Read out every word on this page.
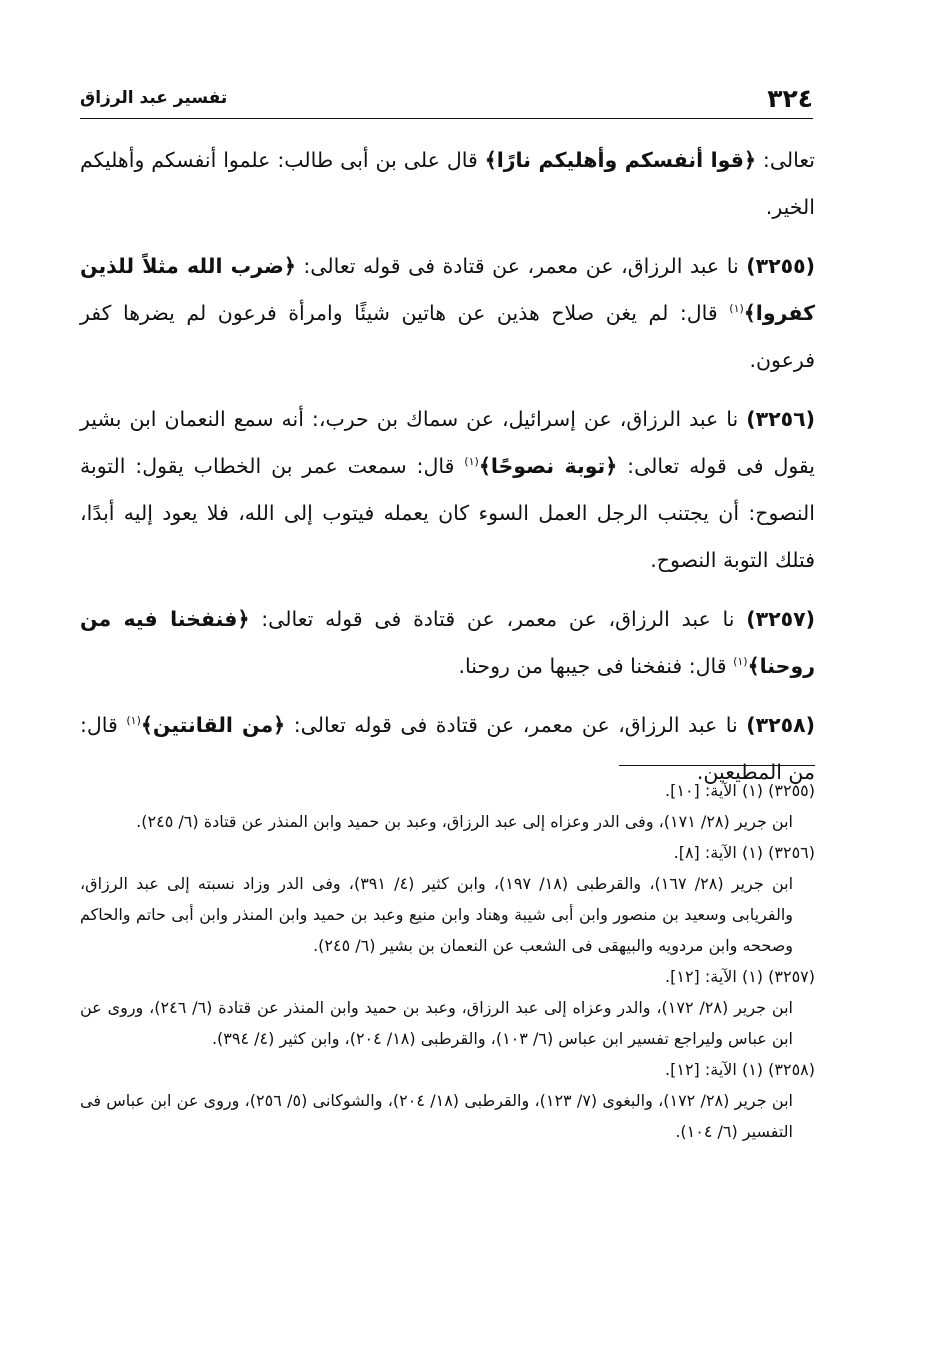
تفسير عبد الرزاق	٣٢٤

تعالى: ﴿قوا أنفسكم وأهليكم نارًا﴾ قال على بن أبى طالب: علموا أنفسكم وأهليكم الخير.

(٣٢٥٥) نا عبد الرزاق، عن معمر، عن قتادة فى قوله تعالى: ﴿ضرب الله مثلاً للذين كفروا﴾$^{(١)}$ قال: لم يغن صلاح هذين عن هاتين شيئًا وامرأة فرعون لم يضرها كفر فرعون.

(٣٢٥٦) نا عبد الرزاق، عن إسرائيل، عن سماك بن حرب،: أنه سمع النعمان ابن بشير يقول فى قوله تعالى: ﴿توبة نصوحًا﴾$^{(١)}$ قال: سمعت عمر بن الخطاب يقول: التوبة النصوح: أن يجتنب الرجل العمل السوء كان يعمله فيتوب إلى الله، فلا يعود إليه أبدًا، فتلك التوبة النصوح.

(٣٢٥٧) نا عبد الرزاق، عن معمر، عن قتادة فى قوله تعالى: ﴿فنفخنا فيه من روحنا﴾$^{(١)}$ قال: فنفخنا فى جيبها من روحنا.

(٣٢٥٨) نا عبد الرزاق، عن معمر، عن قتادة فى قوله تعالى: ﴿من القانتين﴾$^{(١)}$ قال: من المطيعين.

(٣٢٥٥) (١) الآية: [١٠].

ابن جرير (٢٨/ ١٧١)، وفى الدر وعزاه إلى عبد الرزاق، وعبد بن حميد وابن المنذر عن قتادة (٦/ ٢٤٥).

(٣٢٥٦) (١) الآية: [٨].

ابن جرير (٢٨/ ١٦٧)، والقرطبى (١٨/ ١٩٧)، وابن كثير (٤/ ٣٩١)، وفى الدر وزاد نسبته إلى عبد الرزاق، والفريابى وسعيد بن منصور وابن أبى شيبة وهناد وابن منيع وعبد بن حميد وابن المنذر وابن أبى حاتم والحاكم وصححه وابن مردويه والبيهقى فى الشعب عن النعمان بن بشير (٦/ ٢٤٥).

(٣٢٥٧) (١) الآية: [١٢].

ابن جرير (٢٨/ ١٧٢)، والدر وعزاه إلى عبد الرزاق، وعبد بن حميد وابن المنذر عن قتادة (٦/ ٢٤٦)، وروى عن ابن عباس وليراجع تفسير ابن عباس (٦/ ١٠٣)، والقرطبى (١٨/ ٢٠٤)، وابن كثير (٤/ ٣٩٤).

(٣٢٥٨) (١) الآية: [١٢].

ابن جرير (٢٨/ ١٧٢)، والبغوى (٧/ ١٢٣)، والقرطبى (١٨/ ٢٠٤)، والشوكانى (٥/ ٢٥٦)، وروى عن ابن عباس فى التفسير (٦/ ١٠٤).
